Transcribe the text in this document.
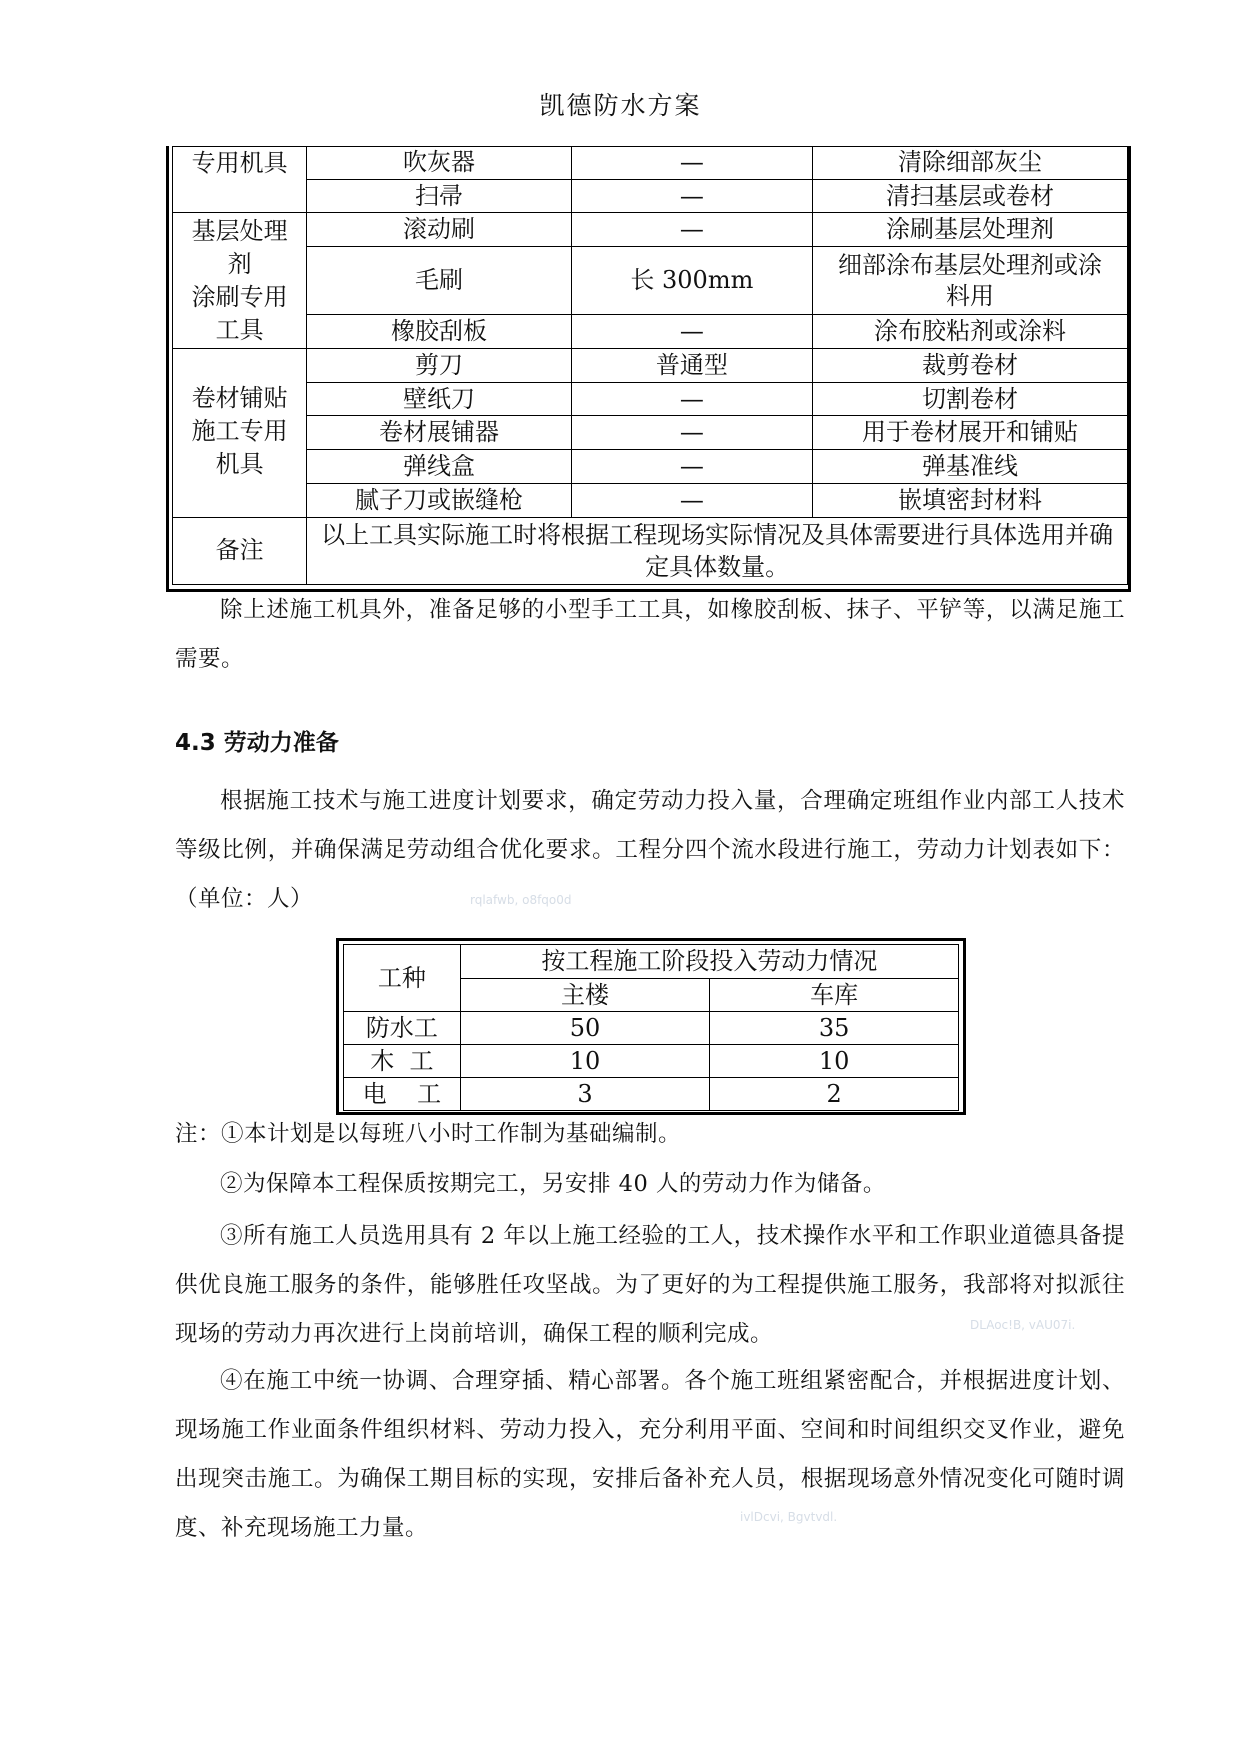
凯德防水方案
专用机具	吹灰器	—	清除细部灰尘
	扫帚	—	清扫基层或卷材

基层处理
剂
涂刷专用
工具	滚动刷	—	涂刷基层处理剂
	毛刷	长 300mm	细部涂布基层处理剂或涂料用
	橡胶刮板	—	涂布胶粘剂或涂料

卷材铺贴
施工专用
机具	剪刀	普通型	裁剪卷材
	壁纸刀	—	切割卷材
	卷材展铺器	—	用于卷材展开和铺贴
	弹线盒	—	弹基准线
	腻子刀或嵌缝枪	—	嵌填密封材料
备注	以上工具实际施工时将根据工程现场实际情况及具体需要进行具体选用并确定具体数量。		

除上述施工机具外，准备足够的小型手工工具，如橡胶刮板、抹子、平铲等，以满足施工需要。

4.3 劳动力准备

根据施工技术与施工进度计划要求，确定劳动力投入量，合理确定班组作业内部工人技术等级比例，并确保满足劳动组合优化要求。工程分四个流水段进行施工，劳动力计划表如下：（单位：人）

工种	按工程施工阶段投入劳动力情况	
	主楼	车库
防水工	50	35
木  工	10	10
电    工	3	2

注：①本计划是以每班八小时工作制为基础编制。

②为保障本工程保质按期完工，另安排 40 人的劳动力作为储备。

③所有施工人员选用具有 2 年以上施工经验的工人，技术操作水平和工作职业道德具备提供优良施工服务的条件，能够胜任攻坚战。为了更好的为工程提供施工服务，我部将对拟派往现场的劳动力再次进行上岗前培训，确保工程的顺利完成。

④在施工中统一协调、合理穿插、精心部署。各个施工班组紧密配合，并根据进度计划、现场施工作业面条件组织材料、劳动力投入，充分利用平面、空间和时间组织交叉作业，避免出现突击施工。为确保工期目标的实现，安排后备补充人员，根据现场意外情况变化可随时调度、补充现场施工力量。

rqlafwb, o8fqo0d
DLAoc!B, vAU07i.
ivlDcvi, Bgvtvdl.
